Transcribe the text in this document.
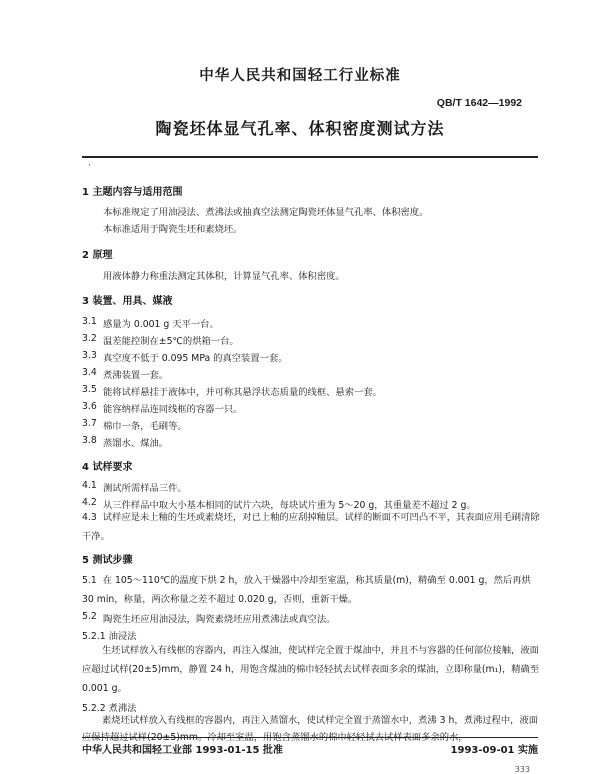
中华人民共和国轻工行业标准
QB/T 1642—1992
陶瓷坯体显气孔率、体积密度测试方法
·
1 主题内容与适用范围
本标准规定了用油浸法、煮沸法或抽真空法测定陶瓷坯体显气孔率、体积密度。
本标准适用于陶瓷生坯和素烧坯。
2 原理
用液体静力称重法测定其体积，计算显气孔率、体积密度。
3 装置、用具、媒液
3.1 感量为 0.001 g 天平一台。
3.2 温差能控制在±5℃的烘箱一台。
3.3 真空度不低于 0.095 MPa 的真空装置一套。
3.4 煮沸装置一套。
3.5 能将试样悬挂于液体中，并可称其悬浮状态质量的线框、悬索一套。
3.6 能容纳样品连同线框的容器一只。
3.7 棉巾一条，毛刷等。
3.8 蒸馏水、煤油。
4 试样要求
4.1 测试所需样品三件。
4.2 从三件样品中取大小基本相同的试片六块，每块试片重为 5～20 g，其重量差不超过 2 g。
4.3 试样应是未上釉的生坯或素烧坯，对已上釉的应刮掉釉层。试样的断面不可凹凸不平，其表面应用毛刷清除干净。
5 测试步骤
5.1 在 105～110℃的温度下烘 2 h，放入干燥器中冷却至室温，称其质量(m)，精确至 0.001 g，然后再烘 30 min，称量，两次称量之差不超过 0.020 g，否则，重新干燥。
5.2 陶瓷生坯应用油浸法，陶瓷素烧坯应用煮沸法或真空法。
5.2.1 油浸法
生坯试样放入有线框的容器内，再注入煤油，使试样完全置于煤油中，并且不与容器的任何部位接触，液面应超过试样(20±5)mm，静置 24 h，用饱含煤油的棉巾轻轻拭去试样表面多余的煤油，立即称量(m₁)，精确至 0.001 g。
5.2.2 煮沸法
素烧坯试样放入有线框的容器内，再注入蒸馏水，使试样完全置于蒸馏水中，煮沸 3 h，煮沸过程中，液面应保持超过试样(20±5)mm。冷却至室温，用饱含蒸馏水的棉巾轻轻拭去试样表面多余的水，
中华人民共和国轻工业部 1993-01-15 批准	1993-09-01 实施
333
